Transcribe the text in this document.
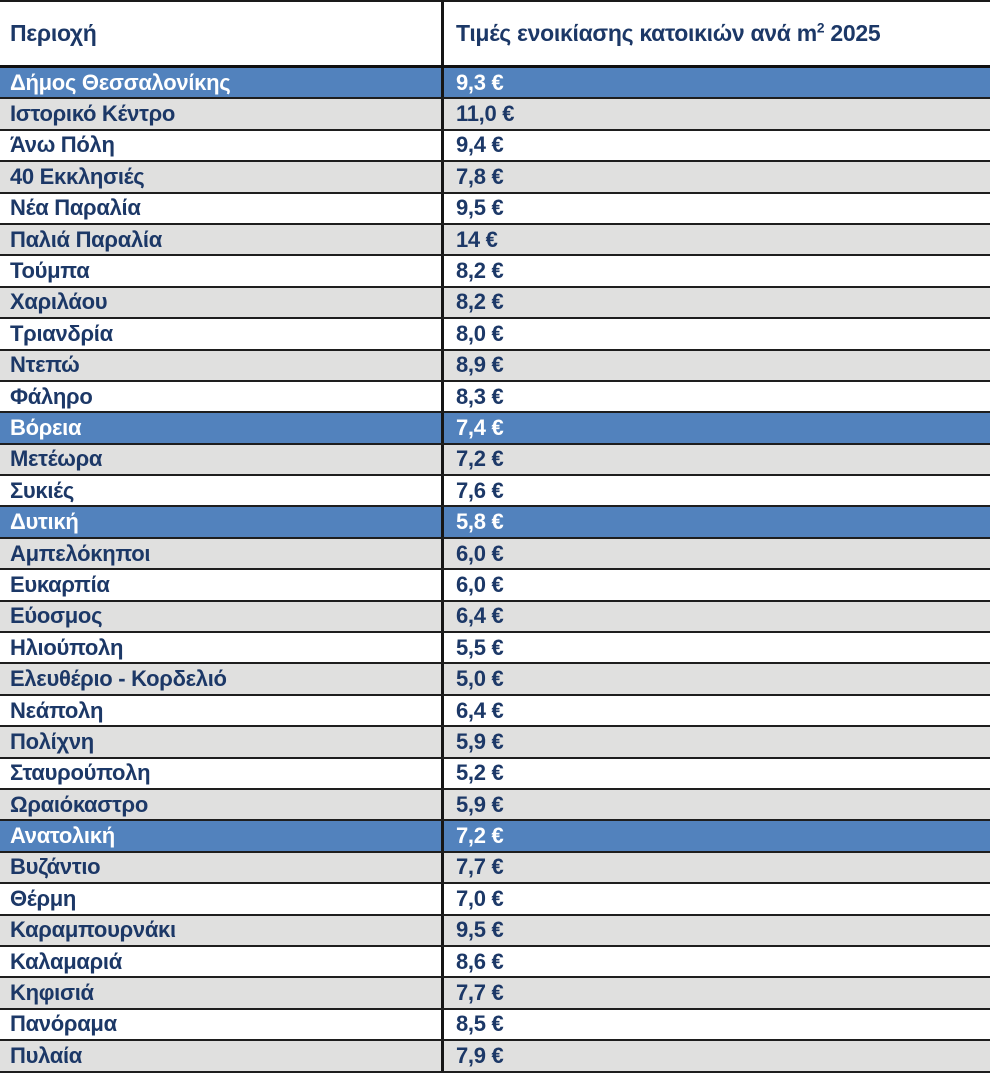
Περιοχή	Τιμές ενοικίασης κατοικιών ανά $m^2$ 2025
Δήμος Θεσσαλονίκης	9,3 €
Ιστορικό Κέντρο	11,0 €
Άνω Πόλη	9,4 €
40 Εκκλησιές	7,8 €
Νέα Παραλία	9,5 €
Παλιά Παραλία	14 €
Τούμπα	8,2 €
Χαριλάου	8,2 €
Τριανδρία	8,0 €
Ντεπώ	8,9 €
Φάληρο	8,3 €
Βόρεια	7,4 €
Μετέωρα	7,2 €
Συκιές	7,6 €
Δυτική	5,8 €
Αμπελόκηποι	6,0 €
Ευκαρπία	6,0 €
Εύοσμος	6,4 €
Ηλιούπολη	5,5 €
Ελευθέριο - Κορδελιό	5,0 €
Νεάπολη	6,4 €
Πολίχνη	5,9 €
Σταυρούπολη	5,2 €
Ωραιόκαστρο	5,9 €
Ανατολική	7,2 €
Βυζάντιο	7,7 €
Θέρμη	7,0 €
Καραμπουρνάκι	9,5 €
Καλαμαριά	8,6 €
Κηφισιά	7,7 €
Πανόραμα	8,5 €
Πυλαία	7,9 €
